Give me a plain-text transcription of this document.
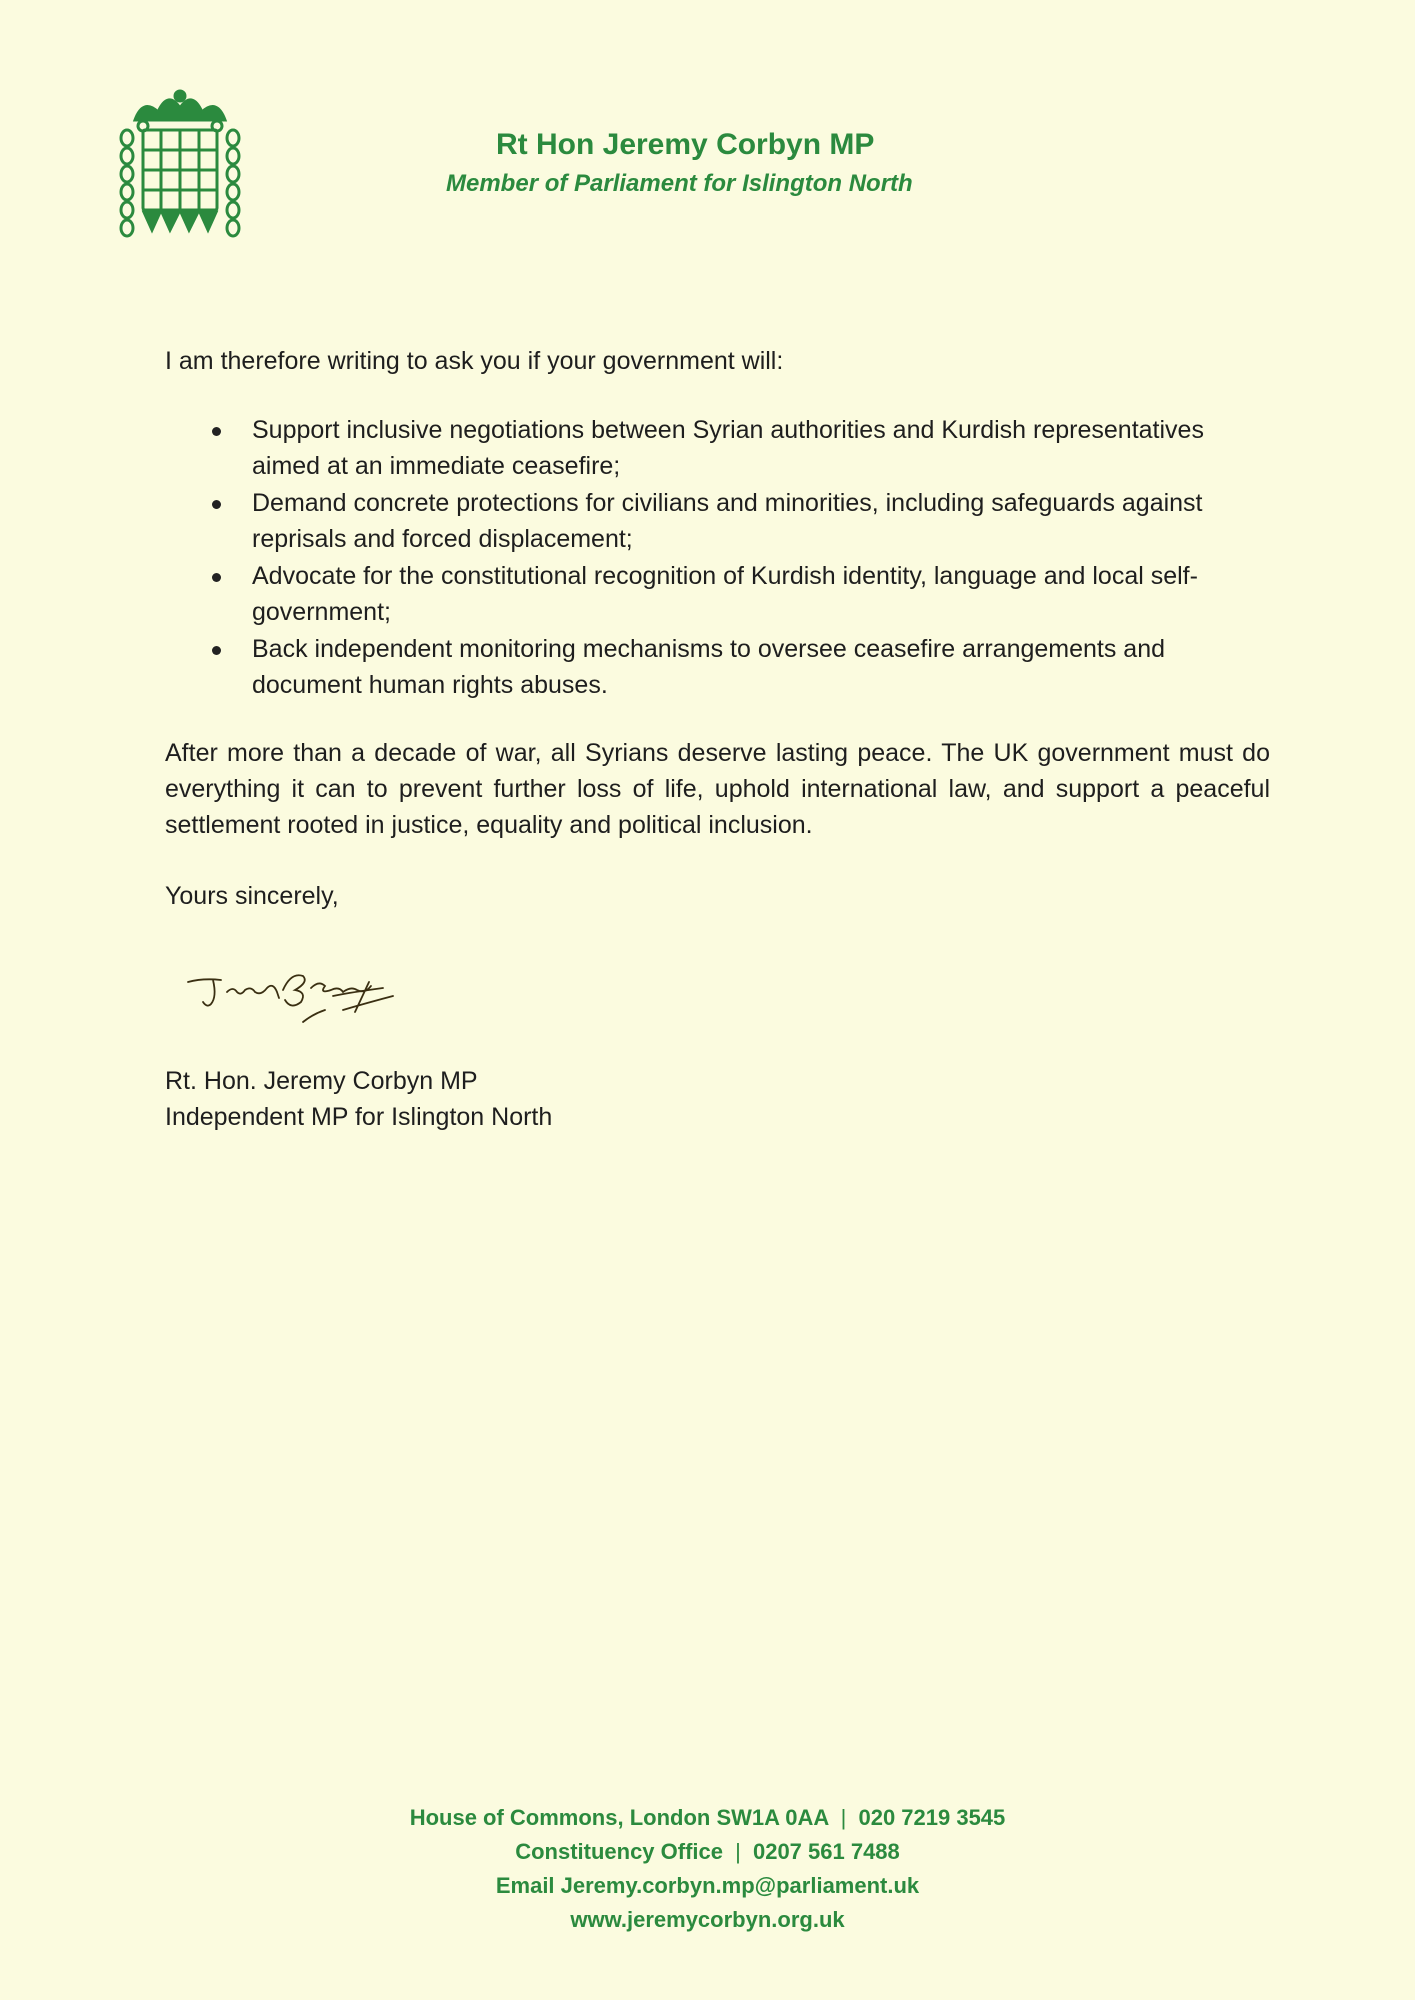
Rt Hon Jeremy Corbyn MP
Member of Parliament for Islington North
I am therefore writing to ask you if your government will:
Support inclusive negotiations between Syrian authorities and Kurdish representatives aimed at an immediate ceasefire;
Demand concrete protections for civilians and minorities, including safeguards against reprisals and forced displacement;
Advocate for the constitutional recognition of Kurdish identity, language and local self-government;
Back independent monitoring mechanisms to oversee ceasefire arrangements and document human rights abuses.
After more than a decade of war, all Syrians deserve lasting peace. The UK government must do everything it can to prevent further loss of life, uphold international law, and support a peaceful settlement rooted in justice, equality and political inclusion.
Yours sincerely,
Rt. Hon. Jeremy Corbyn MP
Independent MP for Islington North
House of Commons, London SW1A 0AA | 020 7219 3545
Constituency Office | 0207 561 7488
Email Jeremy.corbyn.mp@parliament.uk
www.jeremycorbyn.org.uk
